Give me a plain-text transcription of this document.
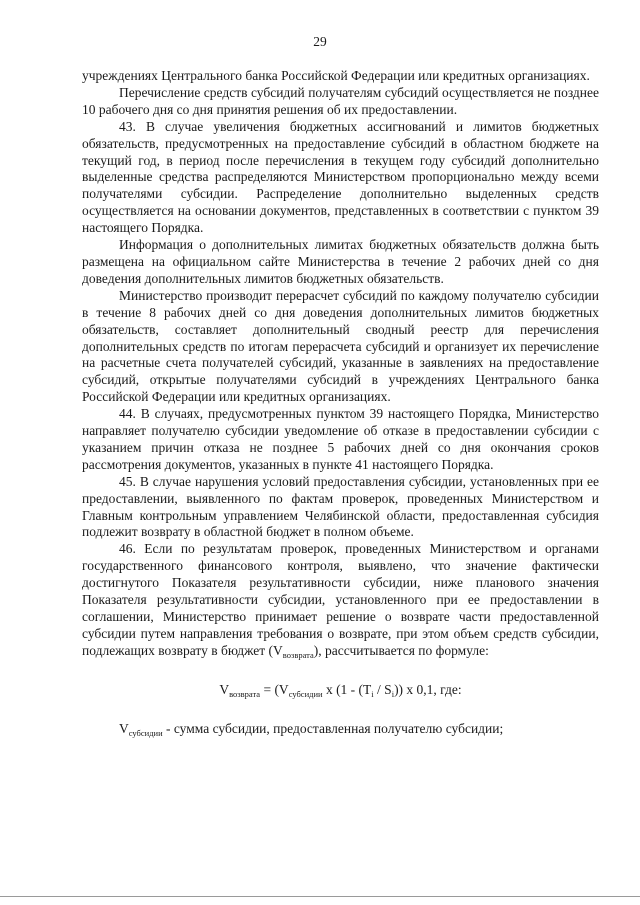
29

учреждениях Центрального банка Российской Федерации или кредитных организациях.

Перечисление средств субсидий получателям субсидий осуществляется не позднее 10 рабочего дня со дня принятия решения об их предоставлении.

43. В случае увеличения бюджетных ассигнований и лимитов бюджетных обязательств, предусмотренных на предоставление субсидий в областном бюджете на текущий год, в период после перечисления в текущем году субсидий дополнительно выделенные средства распределяются Министерством пропорционально между всеми получателями субсидии. Распределение дополнительно выделенных средств осуществляется на основании документов, представленных в соответствии с пунктом 39 настоящего Порядка.

Информация о дополнительных лимитах бюджетных обязательств должна быть размещена на официальном сайте Министерства в течение 2 рабочих дней со дня доведения дополнительных лимитов бюджетных обязательств.

Министерство производит перерасчет субсидий по каждому получателю субсидии в течение 8 рабочих дней со дня доведения дополнительных лимитов бюджетных обязательств, составляет дополнительный сводный реестр для перечисления дополнительных средств по итогам перерасчета субсидий и организует их перечисление на расчетные счета получателей субсидий, указанные в заявлениях на предоставление субсидий, открытые получателями субсидий в учреждениях Центрального банка Российской Федерации или кредитных организациях.

44. В случаях, предусмотренных пунктом 39 настоящего Порядка, Министерство направляет получателю субсидии уведомление об отказе в предоставлении субсидии с указанием причин отказа не позднее 5 рабочих дней со дня окончания сроков рассмотрения документов, указанных в пункте 41 настоящего Порядка.

45. В случае нарушения условий предоставления субсидии, установленных при ее предоставлении, выявленного по фактам проверок, проведенных Министерством и Главным контрольным управлением Челябинской области, предоставленная субсидия подлежит возврату в областной бюджет в полном объеме.

46. Если по результатам проверок, проведенных Министерством и органами государственного финансового контроля, выявлено, что значение фактически достигнутого Показателя результативности субсидии, ниже планового значения Показателя результативности субсидии, установленного при ее предоставлении в соглашении, Министерство принимает решение о возврате части предоставленной субсидии путем направления требования о возврате, при этом объем средств субсидии, подлежащих возврату в бюджет $(V_{возврата})$, рассчитывается по формуле:

$V_{возврата} = (V_{субсидии}$ x $(1 - (T_i / S_i))$ x 0,1, где:

$V_{субсидии}$ - сумма субсидии, предоставленная получателю субсидии;
